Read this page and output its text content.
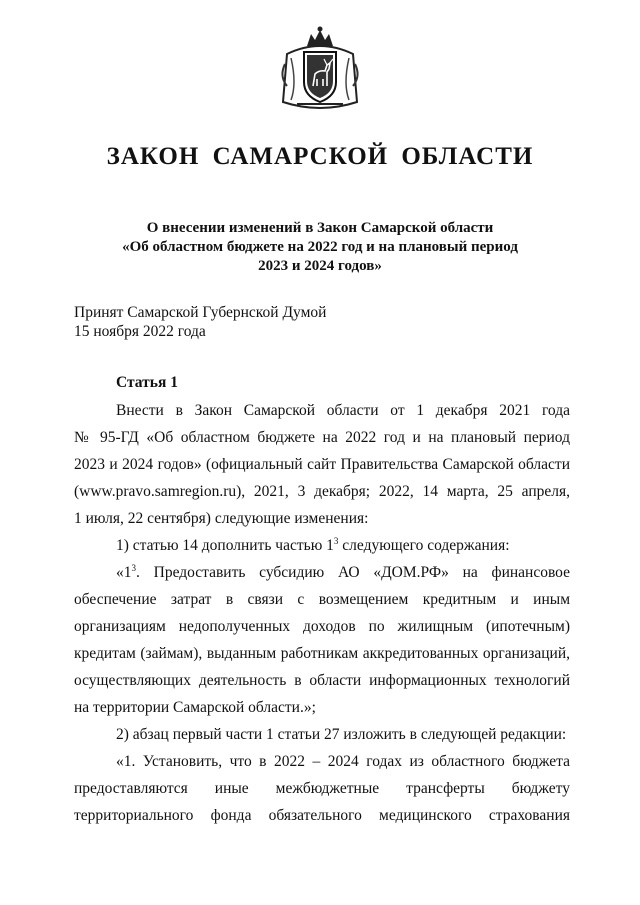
ЗАКОН САМАРСКОЙ ОБЛАСТИ
О внесении изменений в Закон Самарской области
«Об областном бюджете на 2022 год и на плановый период
2023 и 2024 годов»
Принят Самарской Губернской Думой
15 ноября 2022 года
Статья 1
Внести в Закон Самарской области от 1 декабря 2021 года
№ 95-ГД «Об областном бюджете на 2022 год и на плановый период
2023 и 2024 годов» (официальный сайт Правительства Самарской области
(www.pravo.samregion.ru), 2021, 3 декабря; 2022, 14 марта, 25 апреля,
1 июля, 22 сентября) следующие изменения:
1) статью 14 дополнить частью $1^3$ следующего содержания:
«$1^3$. Предоставить субсидию АО «ДОМ.РФ» на финансовое
обеспечение затрат в связи с возмещением кредитным и иным
организациям недополученных доходов по жилищным (ипотечным)
кредитам (займам), выданным работникам аккредитованных организаций,
осуществляющих деятельность в области информационных технологий
на территории Самарской области.»;
2) абзац первый части 1 статьи 27 изложить в следующей редакции:
«1. Установить, что в 2022 – 2024 годах из областного бюджета
предоставляются иные межбюджетные трансферты бюджету
территориального фонда обязательного медицинского страхования
